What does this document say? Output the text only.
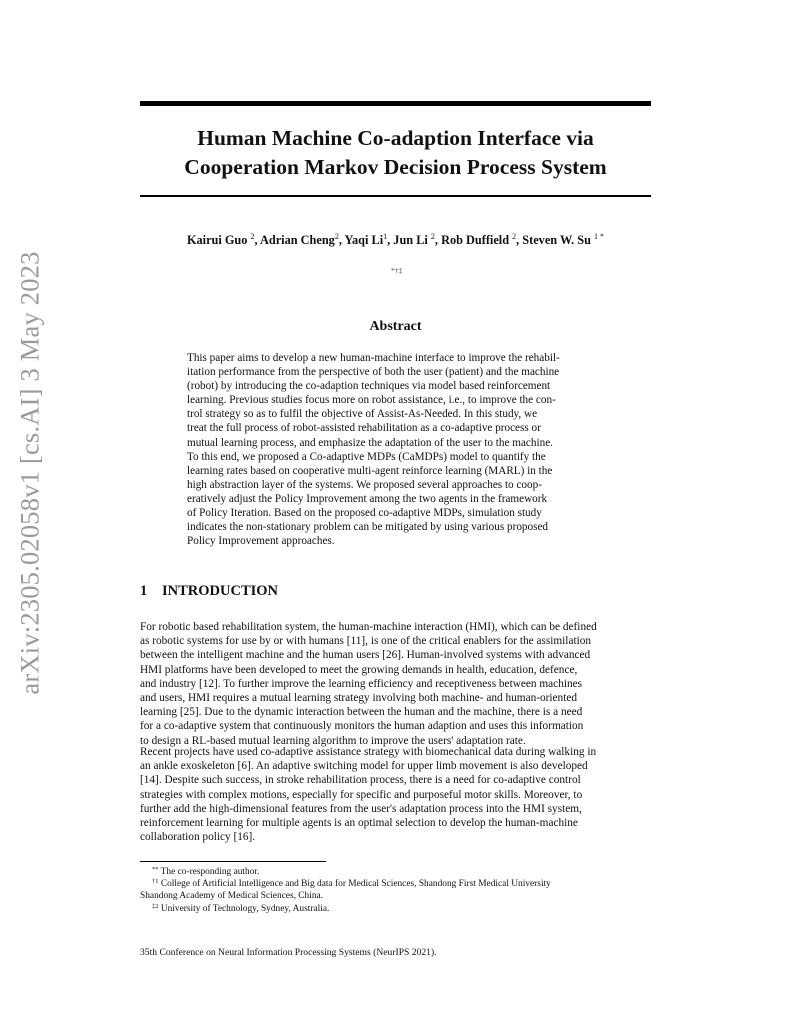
arXiv:2305.02058v1 [cs.AI] 3 May 2023
Human Machine Co-adaption Interface via
Cooperation Markov Decision Process System
Kairui Guo $^2$, Adrian Cheng$^2$, Yaqi Li$^1$, Jun Li $^2$, Rob Duffield $^2$, Steven W. Su $^{1 *}$
*†‡
Abstract
This paper aims to develop a new human-machine interface to improve the rehabil-
itation performance from the perspective of both the user (patient) and the machine
(robot) by introducing the co-adaption techniques via model based reinforcement
learning. Previous studies focus more on robot assistance, i.e., to improve the con-
trol strategy so as to fulfil the objective of Assist-As-Needed. In this study, we
treat the full process of robot-assisted rehabilitation as a co-adaptive process or
mutual learning process, and emphasize the adaptation of the user to the machine.
To this end, we proposed a Co-adaptive MDPs (CaMDPs) model to quantify the
learning rates based on cooperative multi-agent reinforce learning (MARL) in the
high abstraction layer of the systems. We proposed several approaches to coop-
eratively adjust the Policy Improvement among the two agents in the framework
of Policy Iteration. Based on the proposed co-adaptive MDPs, simulation study
indicates the non-stationary problem can be mitigated by using various proposed
Policy Improvement approaches.
1 INTRODUCTION
For robotic based rehabilitation system, the human-machine interaction (HMI), which can be defined
as robotic systems for use by or with humans [11], is one of the critical enablers for the assimilation
between the intelligent machine and the human users [26]. Human-involved systems with advanced
HMI platforms have been developed to meet the growing demands in health, education, defence,
and industry [12]. To further improve the learning efficiency and receptiveness between machines
and users, HMI requires a mutual learning strategy involving both machine- and human-oriented
learning [25]. Due to the dynamic interaction between the human and the machine, there is a need
for a co-adaptive system that continuously monitors the human adaption and uses this information
to design a RL-based mutual learning algorithm to improve the users' adaptation rate.
Recent projects have used co-adaptive assistance strategy with biomechanical data during walking in
an ankle exoskeleton [6]. An adaptive switching model for upper limb movement is also developed
[14]. Despite such success, in stroke rehabilitation process, there is a need for co-adaptive control
strategies with complex motions, especially for specific and purposeful motor skills. Moreover, to
further add the high-dimensional features from the user's adaptation process into the HMI system,
reinforcement learning for multiple agents is an optimal selection to develop the human-machine
collaboration policy [16].
** The co-responding author.
$^{\dagger 1}$ College of Artificial Intelligence and Big data for Medical Sciences, Shandong First Medical University
Shandong Academy of Medical Sciences, China.
$^{\ddagger 2}$ University of Technology, Sydney, Australia.
35th Conference on Neural Information Processing Systems (NeurIPS 2021).
